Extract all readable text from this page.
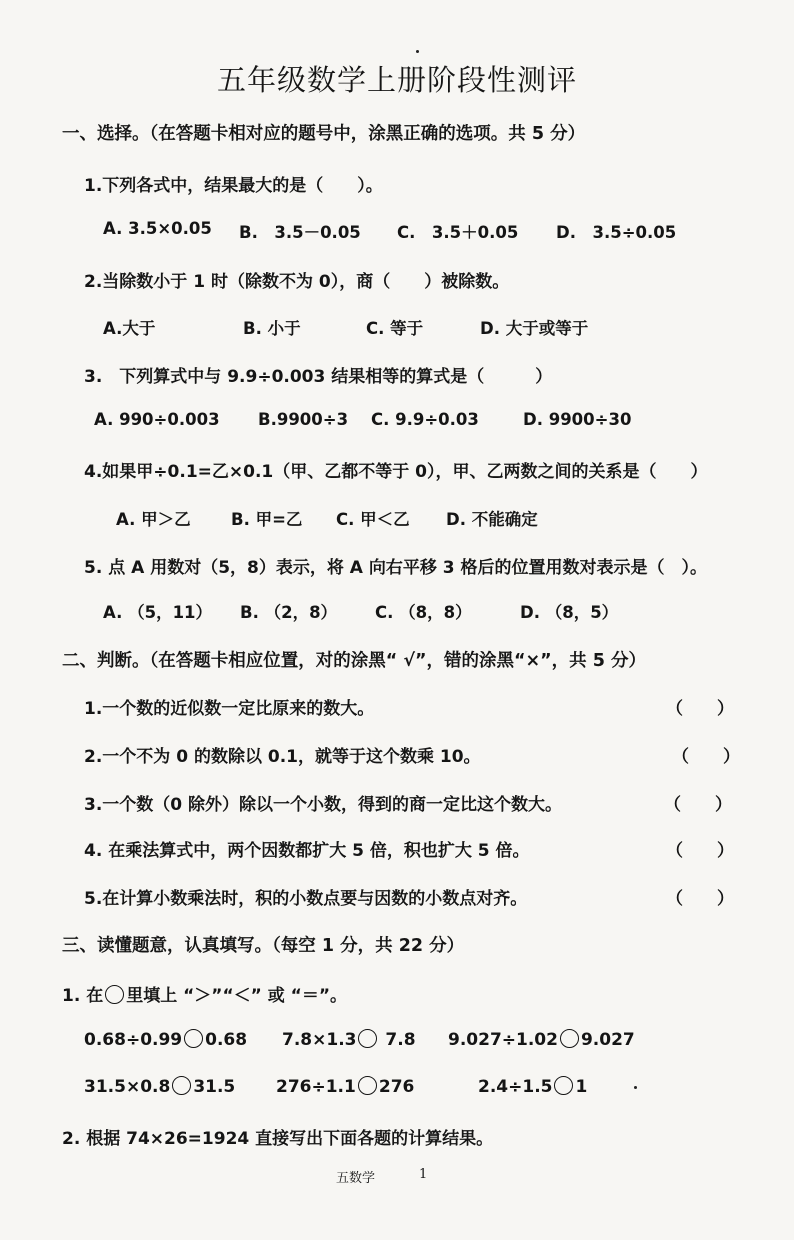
五年级数学上册阶段性测评
一、选择。（在答题卡相对应的题号中，涂黑正确的选项。共 5 分）
1.下列各式中，结果最大的是（　　）。
A. 3.5×0.05 B.　3.5－0.05 C.　3.5＋0.05 D.　3.5÷0.05
2.当除数小于 1 时（除数不为 0），商（　　）被除数。
A.大于	B. 小于	C. 等于	D. 大于或等于
3.　下列算式中与 9.9÷0.003 结果相等的算式是（　　　）
A. 990÷0.003 B.9900÷3 C. 9.9÷0.03	D. 9900÷30
4.如果甲÷0.1=乙×0.1（甲、乙都不等于 0），甲、乙两数之间的关系是（　　）
A. 甲＞乙 B. 甲=乙 C. 甲＜乙 D. 不能确定
5. 点 A 用数对（5，8）表示，将 A 向右平移 3 格后的位置用数对表示是（　）。
A. （5，11） B. （2，8） C. （8，8）	D. （8，5）
二、判断。（在答题卡相应位置，对的涂黑“ √”，错的涂黑“×”，共 5 分）
1.一个数的近似数一定比原来的数大。	（　　）
2.一个不为 0 的数除以 0.1，就等于这个数乘 10。	（　　）
3.一个数（0 除外）除以一个小数，得到的商一定比这个数大。	（　　）
4. 在乘法算式中，两个因数都扩大 5 倍，积也扩大 5 倍。	（　　）
5.在计算小数乘法时，积的小数点要与因数的小数点对齐。	（　　）
三、读懂题意，认真填写。（每空 1 分，共 22 分）
1. 在 里填上 “＞”“＜” 或 “＝”。
0.68÷0.99 0.68 7.8×1.3 7.8 9.027÷1.02 9.027
31.5×0.8 31.5 276÷1.1 276	2.4÷1.5 1
2. 根据 74×26=1924 直接写出下面各题的计算结果。
五数学	1
